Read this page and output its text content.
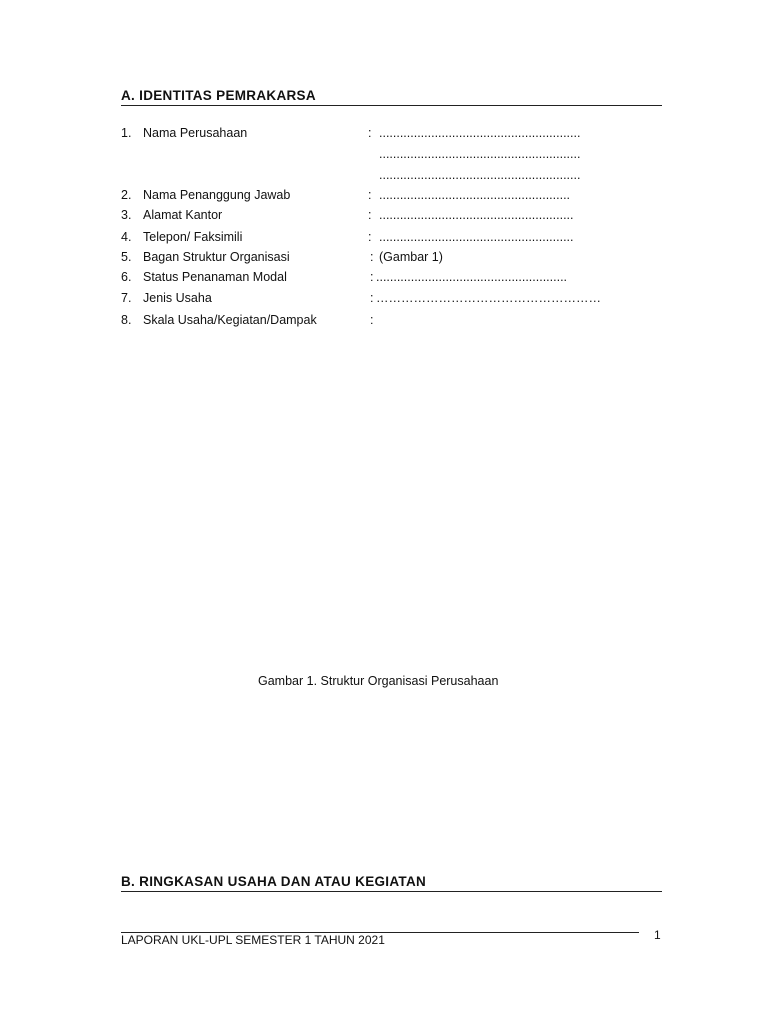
A. IDENTITAS PEMRAKARSA
1. Nama Perusahaan	: ..........................................................
..........................................................
..........................................................
2. Nama Penanggung Jawab	: .......................................................
3. Alamat Kantor	: ........................................................
4. Telepon/ Faksimili	: ........................................................
5. Bagan Struktur Organisasi	: (Gambar 1)
6. Status Penanaman Modal	: .......................................................
7. Jenis Usaha	: ………………………………………………
8. Skala Usaha/Kegiatan/Dampak	:
Gambar 1. Struktur Organisasi Perusahaan
B. RINGKASAN USAHA DAN ATAU KEGIATAN
LAPORAN UKL-UPL SEMESTER 1 TAHUN 2021	1
